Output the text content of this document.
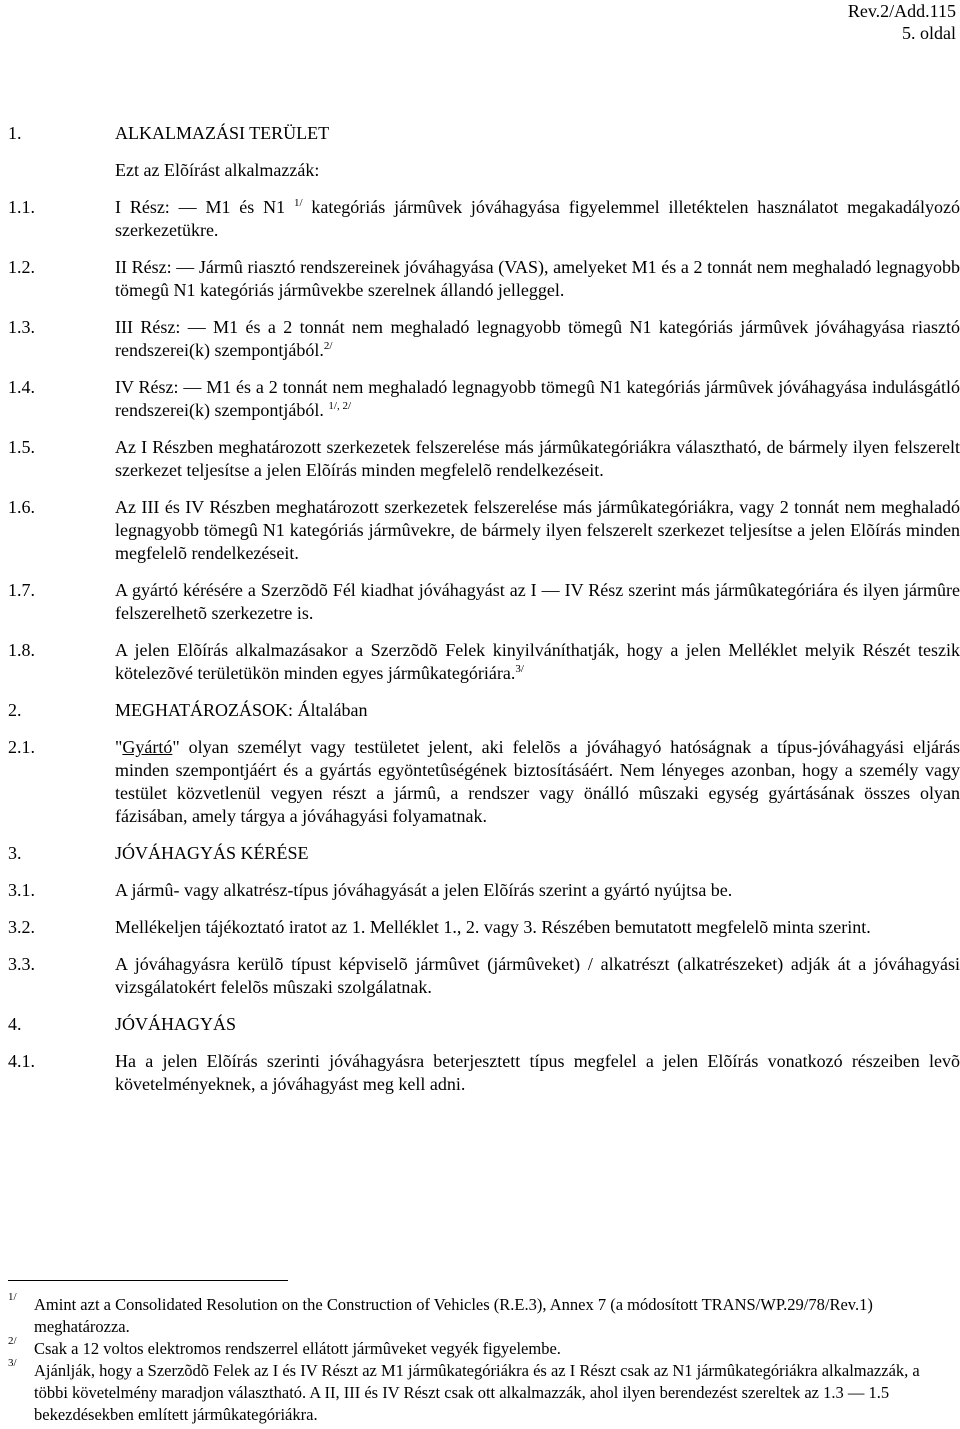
Rev.2/Add.115
5. oldal
1.	ALKALMAZÁSI TERÜLET
Ezt az Elõírást alkalmazzák:
1.1.	I Rész: ― M1 és N1 $^{1/}$ kategóriás jármûvek jóváhagyása figyelemmel illetéktelen használatot megakadályozó szerkezetükre.
1.2.	II Rész: ― Jármû riasztó rendszereinek jóváhagyása (VAS), amelyeket M1 és a 2 tonnát nem meghaladó legnagyobb tömegû N1 kategóriás jármûvekbe szerelnek állandó jelleggel.
1.3.	III Rész: ― M1 és a 2 tonnát nem meghaladó legnagyobb tömegû N1 kategóriás jármûvek jóváhagyása riasztó rendszerei(k) szempontjából.$^{2/}$
1.4.	IV Rész: ― M1 és a 2 tonnát nem meghaladó legnagyobb tömegû N1 kategóriás jármûvek jóváhagyása indulásgátló rendszerei(k) szempontjából. $^{1/, 2/}$
1.5.	Az I Részben meghatározott szerkezetek felszerelése más jármûkategóriákra választható, de bármely ilyen felszerelt szerkezet teljesítse a jelen Elõírás minden megfelelõ rendelkezéseit.
1.6.	Az III és IV Részben meghatározott szerkezetek felszerelése más jármûkategóriákra, vagy 2 tonnát nem meghaladó legnagyobb tömegû N1 kategóriás jármûvekre, de bármely ilyen felszerelt szerkezet teljesítse a jelen Elõírás minden megfelelõ rendelkezéseit.
1.7.	A gyártó kérésére a Szerzõdõ Fél kiadhat jóváhagyást az I ― IV Rész szerint más jármûkategóriára és ilyen jármûre felszerelhetõ szerkezetre is.
1.8.	A jelen Elõírás alkalmazásakor a Szerzõdõ Felek kinyilváníthatják, hogy a jelen Melléklet melyik Részét teszik kötelezõvé területükön minden egyes jármûkategóriára.$^{3/}$
2.	MEGHATÁROZÁSOK: Általában
2.1.	"Gyártó" olyan személyt vagy testületet jelent, aki felelõs a jóváhagyó hatóságnak a típus-jóváhagyási eljárás minden szempontjáért és a gyártás egyöntetûségének biztosításáért. Nem lényeges azonban, hogy a személy vagy testület közvetlenül vegyen részt a jármû, a rendszer vagy önálló mûszaki egység gyártásának összes olyan fázisában, amely tárgya a jóváhagyási folyamatnak.
3.	JÓVÁHAGYÁS KÉRÉSE
3.1.	A jármû- vagy alkatrész-típus jóváhagyását a jelen Elõírás szerint a gyártó nyújtsa be.
3.2.	Mellékeljen tájékoztató iratot az 1. Melléklet 1., 2. vagy 3. Részében bemutatott megfelelõ minta szerint.
3.3.	A jóváhagyásra kerülõ típust képviselõ jármûvet (jármûveket) / alkatrészt (alkatrészeket) adják át a jóváhagyási vizsgálatokért felelõs mûszaki szolgálatnak.
4.	JÓVÁHAGYÁS
4.1.	Ha a jelen Elõírás szerinti jóváhagyásra beterjesztett típus megfelel a jelen Elõírás vonatkozó részeiben levõ követelményeknek, a jóváhagyást meg kell adni.
1/ Amint azt a Consolidated Resolution on the Construction of Vehicles (R.E.3), Annex 7 (a módosított TRANS/WP.29/78/Rev.1) meghatározza.
2/ Csak a 12 voltos elektromos rendszerrel ellátott jármûveket vegyék figyelembe.
3/ Ajánlják, hogy a Szerzõdõ Felek az I és IV Részt az M1 jármûkategóriákra és az I Részt csak az N1 jármûkategóriákra alkalmazzák, a többi követelmény maradjon választható. A II, III és IV Részt csak ott alkalmazzák, ahol ilyen berendezést szereltek az 1.3 ― 1.5 bekezdésekben említett jármûkategóriákra.
